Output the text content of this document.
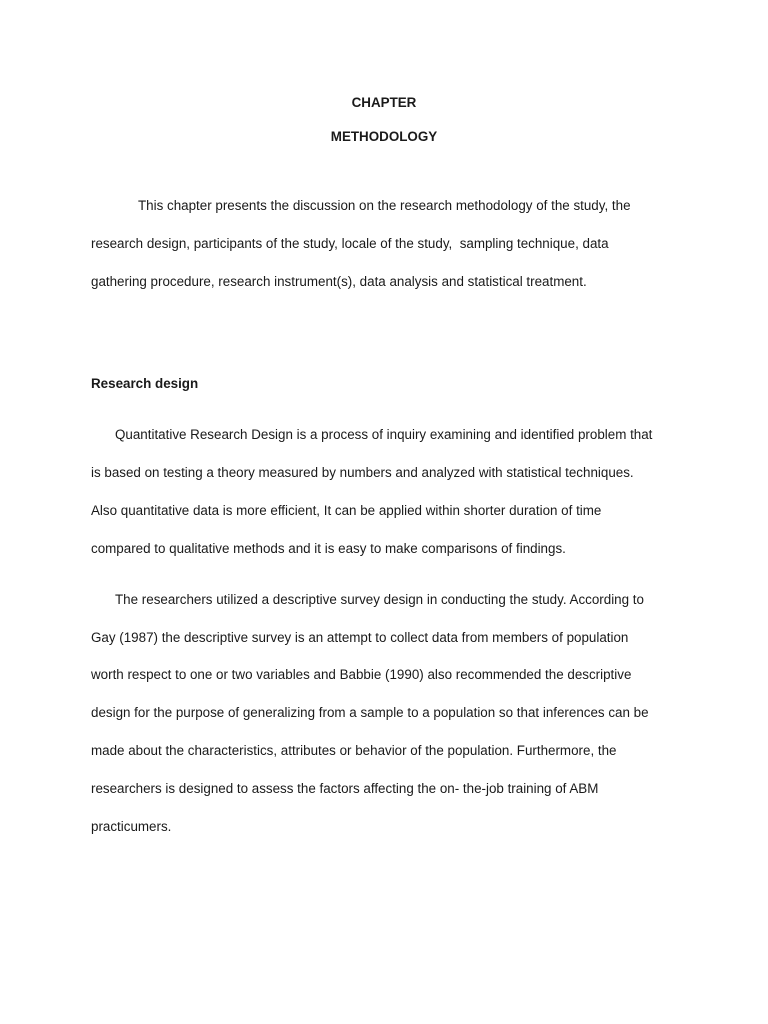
CHAPTER
METHODOLOGY
This chapter presents the discussion on the research methodology of the study, the
research design, participants of the study, locale of the study,  sampling technique, data
gathering procedure, research instrument(s), data analysis and statistical treatment.
Research design
Quantitative Research Design is a process of inquiry examining and identified problem that
is based on testing a theory measured by numbers and analyzed with statistical techniques.
Also quantitative data is more efficient, It can be applied within shorter duration of time
compared to qualitative methods and it is easy to make comparisons of findings.
The researchers utilized a descriptive survey design in conducting the study. According to
Gay (1987) the descriptive survey is an attempt to collect data from members of population
worth respect to one or two variables and Babbie (1990) also recommended the descriptive
design for the purpose of generalizing from a sample to a population so that inferences can be
made about the characteristics, attributes or behavior of the population. Furthermore, the
researchers is designed to assess the factors affecting the on- the-job training of ABM
practicumers.
